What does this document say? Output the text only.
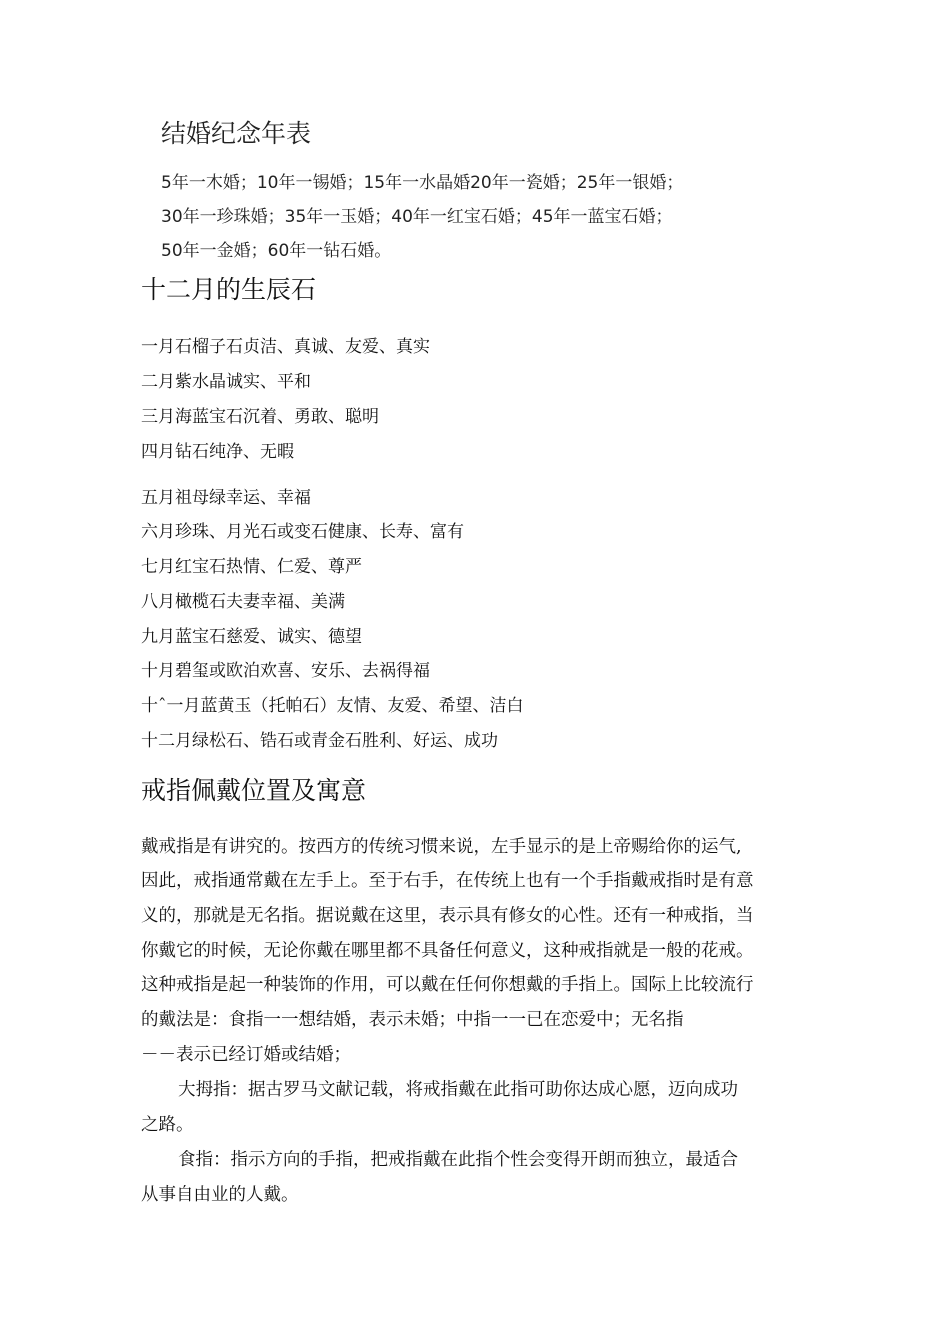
结婚纪念年表
5年一木婚；10年一锡婚；15年一水晶婚20年一瓷婚；25年一银婚；
30年一珍珠婚；35年一玉婚；40年一红宝石婚；45年一蓝宝石婚；
50年一金婚；60年一钻石婚。
十二月的生辰石
一月石榴子石贞洁、真诚、友爱、真实
二月紫水晶诚实、平和
三月海蓝宝石沉着、勇敢、聪明
四月钻石纯净、无暇
五月祖母绿幸运、幸福
六月珍珠、月光石或变石健康、长寿、富有
七月红宝石热情、仁爱、尊严
八月橄榄石夫妻幸福、美满
九月蓝宝石慈爱、诚实、德望
十月碧玺或欧泊欢喜、安乐、去祸得福
十ˆ一月蓝黄玉（托帕石）友情、友爱、希望、洁白
十二月绿松石、锆石或青金石胜利、好运、成功
戒指佩戴位置及寓意
戴戒指是有讲究的。按西方的传统习惯来说，左手显示的是上帝赐给你的运气,
因此，戒指通常戴在左手上。至于右手，在传统上也有一个手指戴戒指时是有意
义的，那就是无名指。据说戴在这里，表示具有修女的心性。还有一种戒指，当
你戴它的时候，无论你戴在哪里都不具备任何意义，这种戒指就是一般的花戒。
这种戒指是起一种装饰的作用，可以戴在任何你想戴的手指上。国际上比较流行
的戴法是：食指一一想结婚，表示未婚；中指一一已在恋爱中；无名指
－－表示已经订婚或结婚；
大拇指：据古罗马文献记载，将戒指戴在此指可助你达成心愿，迈向成功
之路。
食指：指示方向的手指，把戒指戴在此指个性会变得开朗而独立，最适合
从事自由业的人戴。
